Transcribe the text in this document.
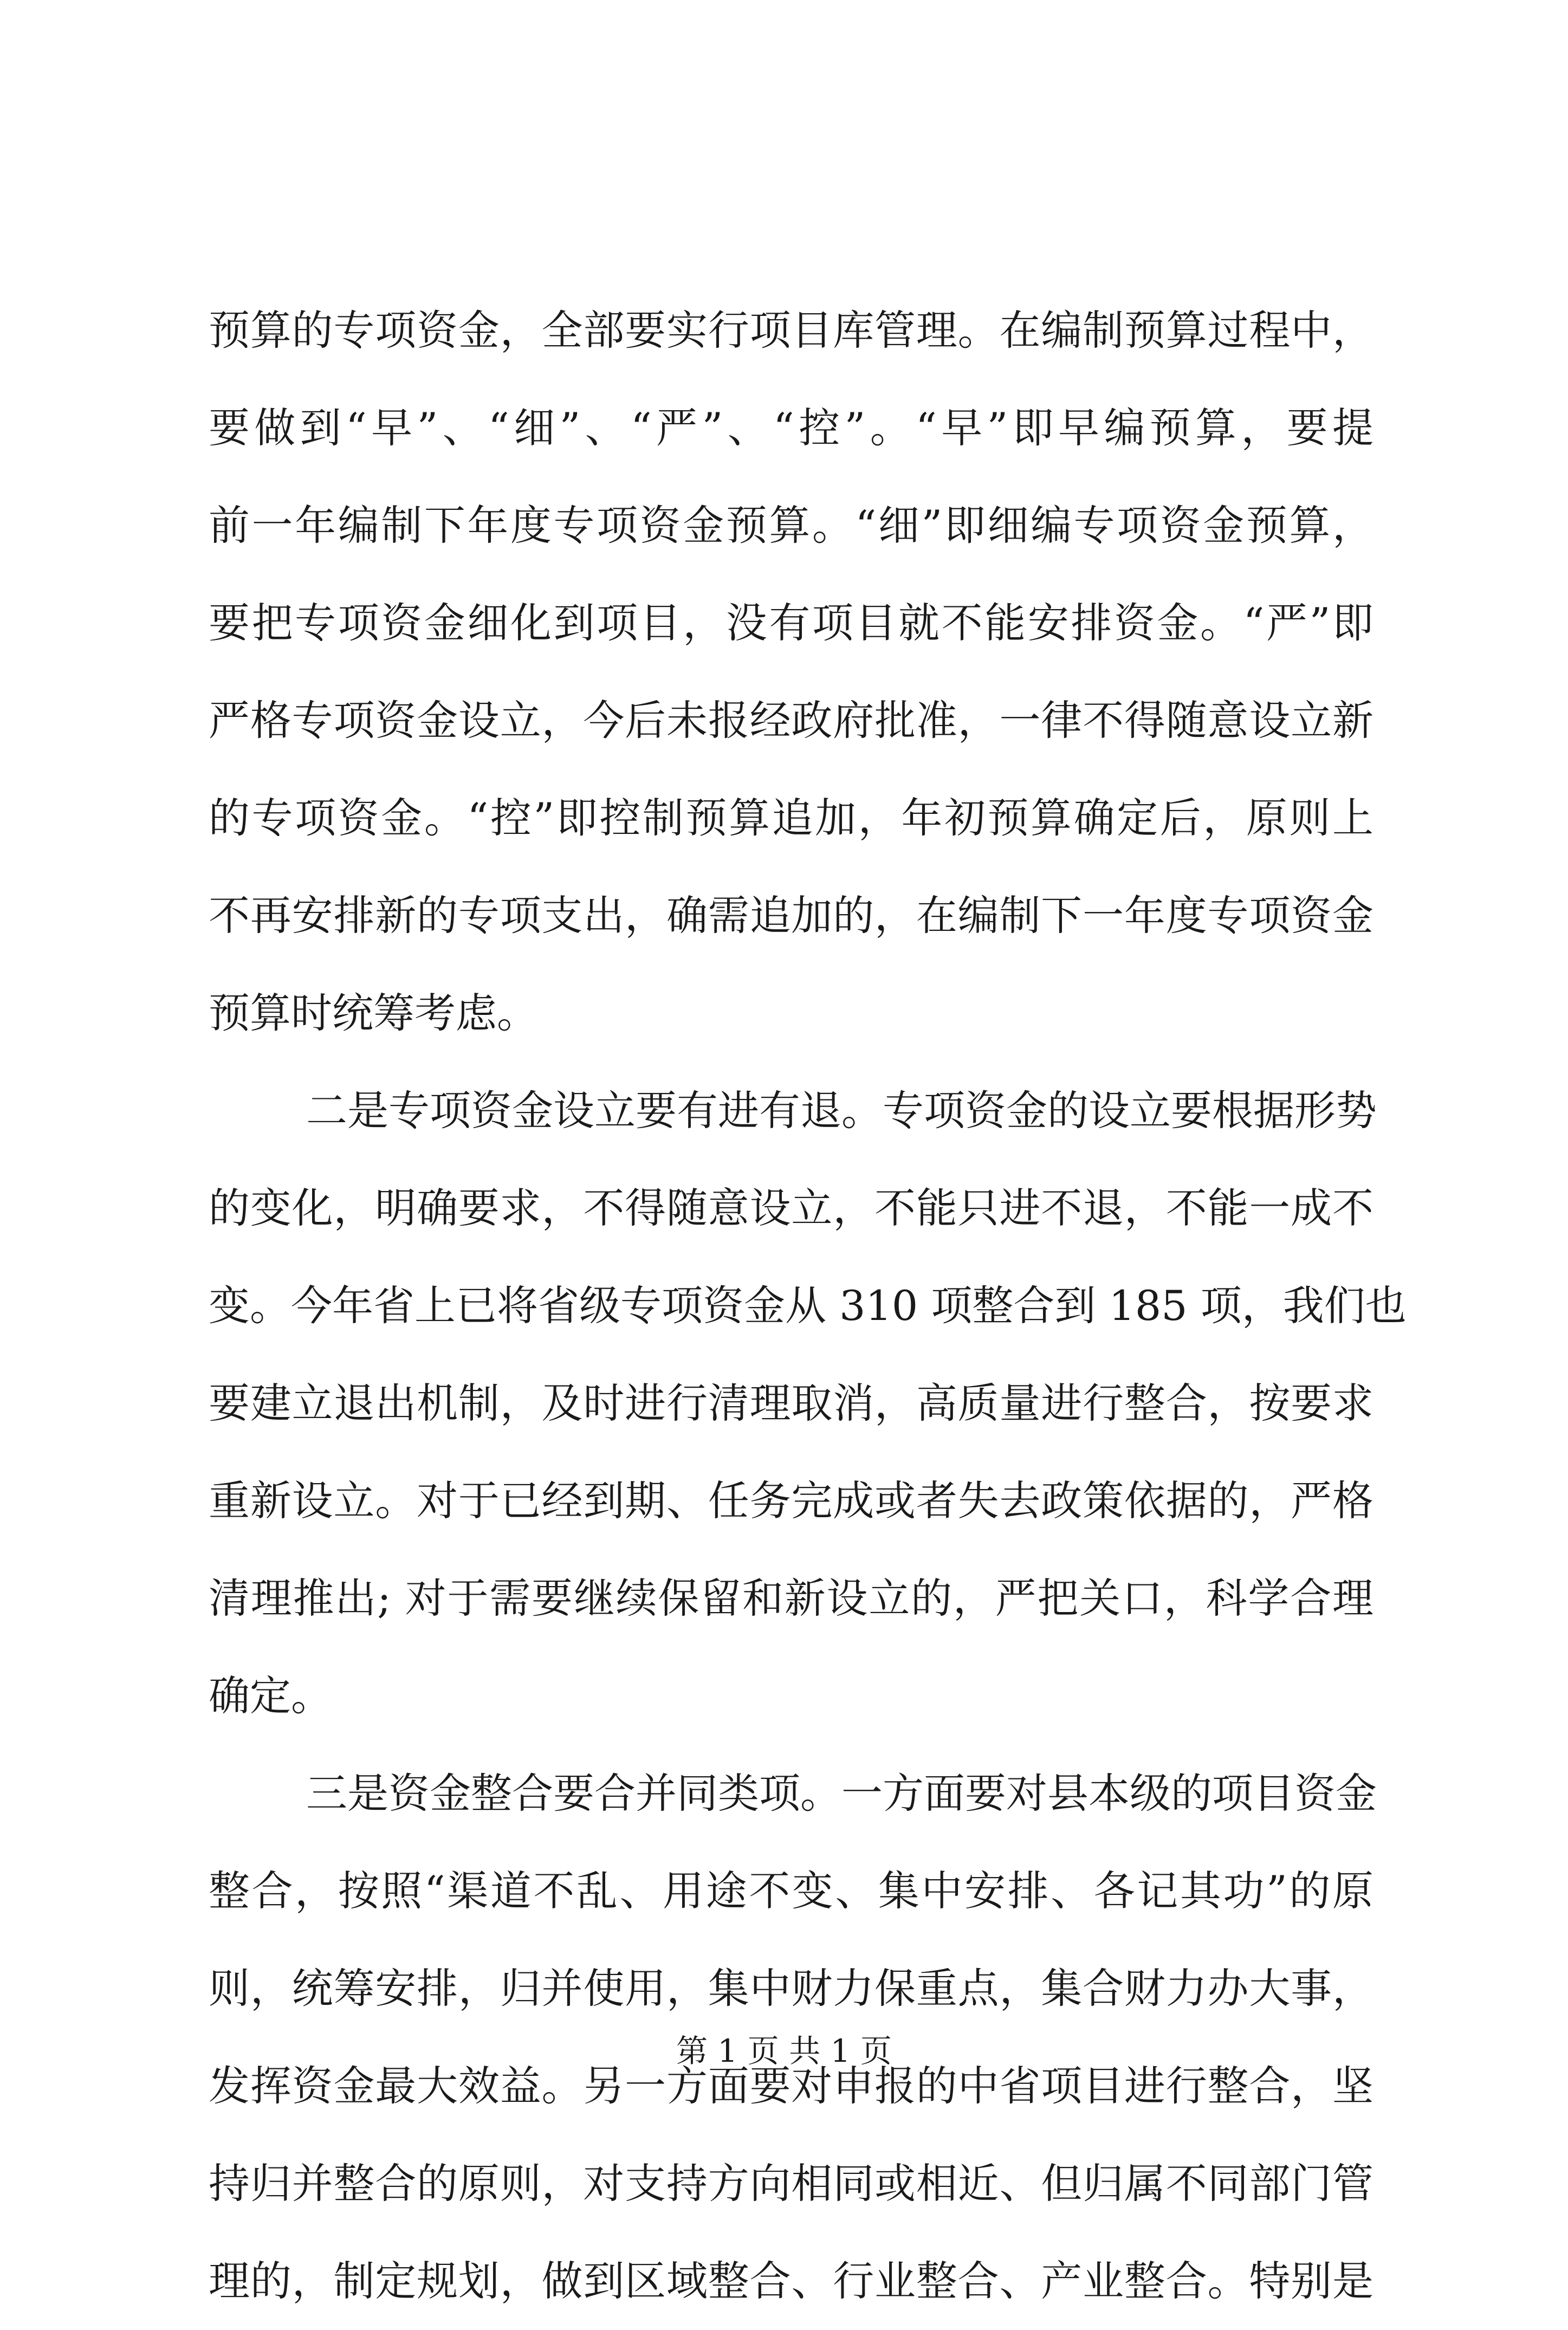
预算的专项资金，全部要实行项目库管理。在编制预算过程中，
要做到“早”、“细”、“严”、“控”。“早”即早编预算，要提
前一年编制下年度专项资金预算。“细”即细编专项资金预算，
要把专项资金细化到项目，没有项目就不能安排资金。“严”即
严格专项资金设立，今后未报经政府批准，一律不得随意设立新
的专项资金。“控”即控制预算追加，年初预算确定后，原则上
不再安排新的专项支出，确需追加的，在编制下一年度专项资金
预算时统筹考虑。
二是专项资金设立要有进有退。专项资金的设立要根据形势
的变化，明确要求，不得随意设立，不能只进不退，不能一成不
变。今年省上已将省级专项资金从 310 项整合到 185 项，我们也
要建立退出机制，及时进行清理取消，高质量进行整合，按要求
重新设立。对于已经到期、任务完成或者失去政策依据的，严格
清理推出; 对于需要继续保留和新设立的，严把关口，科学合理
确定。
三是资金整合要合并同类项。一方面要对县本级的项目资金
整合，按照“渠道不乱、用途不变、集中安排、各记其功”的原
则，统筹安排，归并使用，集中财力保重点，集合财力办大事，
发挥资金最大效益。另一方面要对申报的中省项目进行整合，坚
持归并整合的原则，对支持方向相同或相近、但归属不同部门管
理的，制定规划，做到区域整合、行业整合、产业整合。特别是
第 1 页 共 1 页
